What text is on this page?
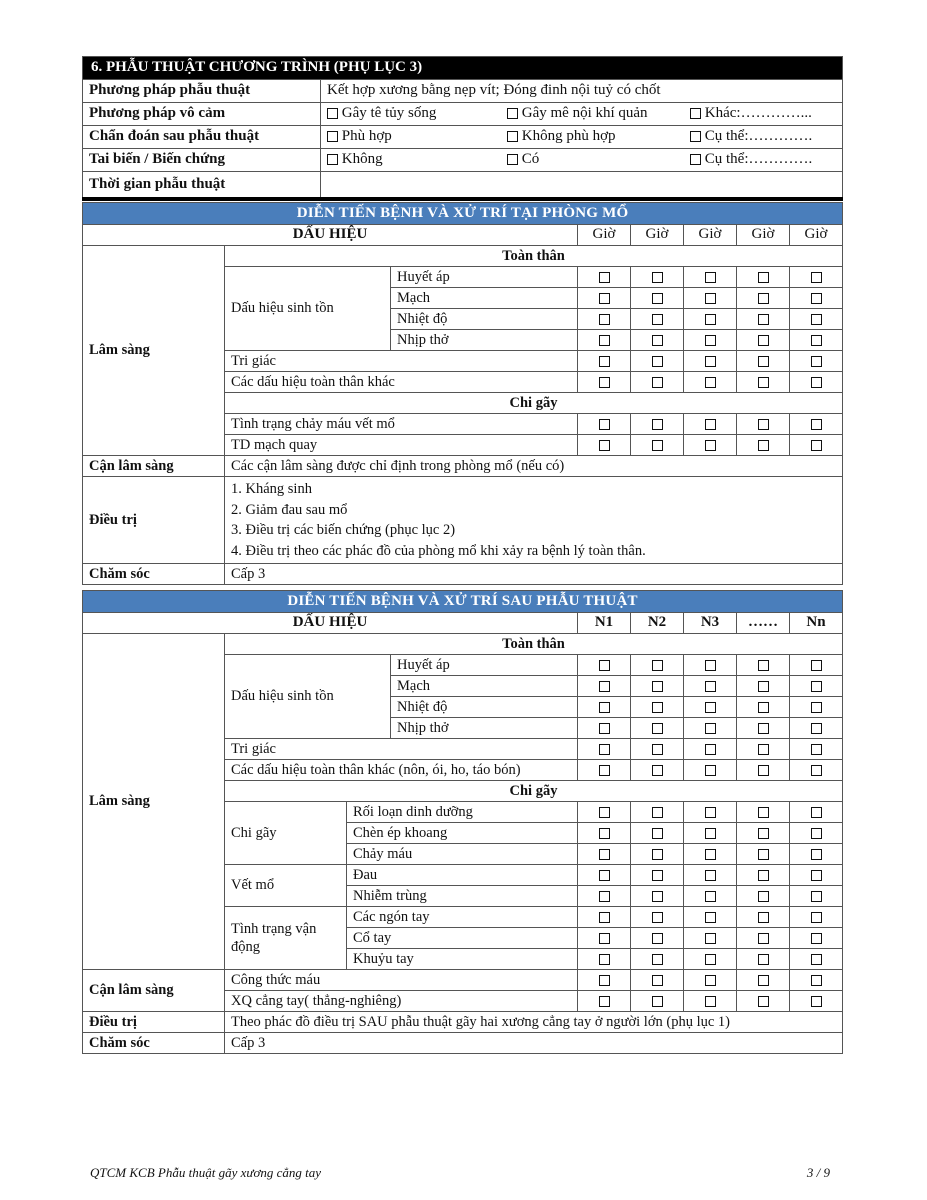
6. PHẪU THUẬT CHƯƠNG TRÌNH (PHỤ LỤC 3)
Phương pháp phẫu thuật	Kết hợp xương bằng nẹp vít; Đóng đinh nội tuỷ có chốt
Phương pháp vô cảm		Gây tê tủy sống	Gây mê nội khí quản	Khác:…………...

Chẩn đoán sau phẫu thuật		Phù hợp	Không phù hợp	Cụ thể:………….

Tai biến / Biến chứng		Không	Có	Cụ thể:………….

Thời gian phẫu thuật	
DIỄN TIẾN BỆNH VÀ XỬ TRÍ TẠI PHÒNG MỔ							
DẤU HIỆU			Giờ	Giờ	Giờ	Giờ	Giờ
Lâm sàng	Toàn thân						
	Dấu hiệu sinh tồn	Huyết áp					
		Mạch					
		Nhiệt độ					
		Nhịp thở					
	Tri giác						
	Các dấu hiệu toàn thân khác						
	Chi gãy						
	Tình trạng chảy máu vết mổ						
	TD mạch quay						
Cận lâm sàng	Các cận lâm sàng được chỉ định trong phòng mổ (nếu có)						
Điều trị	1. Kháng sinh
2. Giảm đau sau mổ
3. Điều trị các biến chứng (phục lục 2)
4. Điều trị theo các phác đồ của phòng mổ khi xảy ra bệnh lý toàn thân.						

Chăm sóc	Cấp 3						
DIỄN TIẾN BỆNH VÀ XỬ TRÍ SAU PHẪU THUẬT								
DẤU HIỆU				N1	N2	N3	……	Nn
Lâm sàng	Toàn thân							
	Dấu hiệu sinh tồn		Huyết áp					
			Mạch					
			Nhiệt độ					
			Nhịp thở					
	Tri giác							
	Các dấu hiệu toàn thân khác (nôn, ói, ho, táo bón)							
	Chi gãy							
	Chi gãy	Rối loạn dinh dưỡng						
		Chèn ép khoang						
		Chảy máu						
	Vết mổ	Đau						
		Nhiễm trùng						
	Tình trạng vận động	Các ngón tay						
		Cổ tay						
		Khuỷu tay						
Cận lâm sàng	Công thức máu							
	XQ cẳng tay( thẳng-nghiêng)							
Điều trị	Theo phác đồ điều trị SAU phẫu thuật gãy hai xương cẳng tay ở người lớn (phụ lục 1)							
Chăm sóc	Cấp 3							
QTCM KCB Phẫu thuật gãy xương cẳng tay	3 / 9
